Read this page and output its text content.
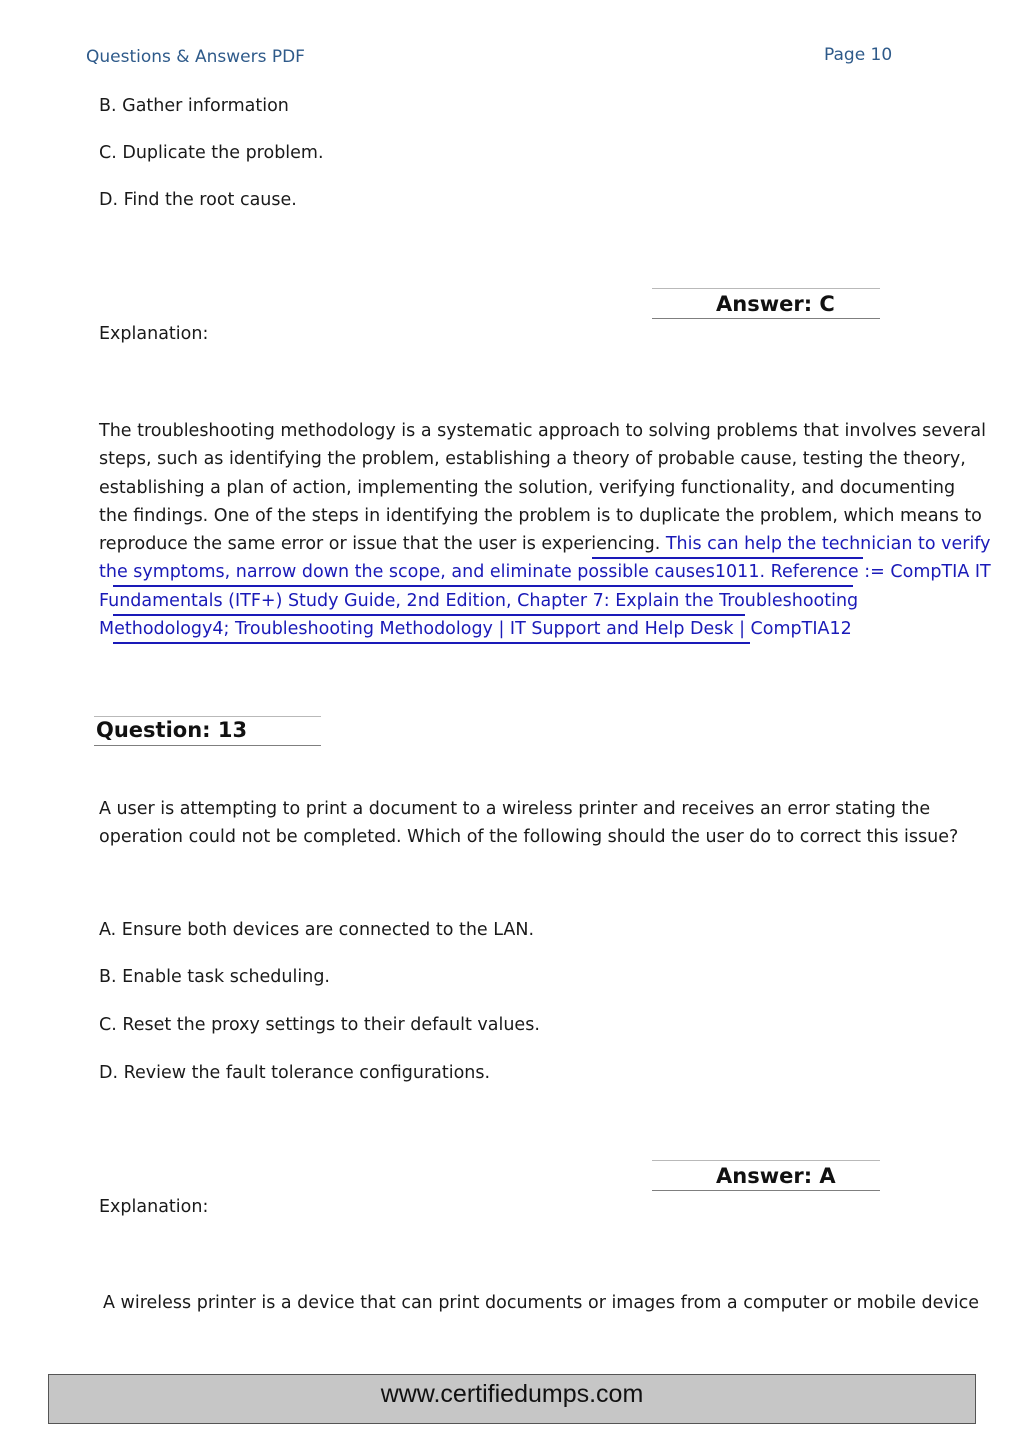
Questions & Answers PDF	Page 10
B. Gather information
C. Duplicate the problem.
D. Find the root cause.
Answer: C
Explanation:
The troubleshooting methodology is a systematic approach to solving problems that involves several
steps, such as identifying the problem, establishing a theory of probable cause, testing the theory,
establishing a plan of action, implementing the solution, verifying functionality, and documenting
the findings. One of the steps in identifying the problem is to duplicate the problem, which means to
reproduce the same error or issue that the user is experiencing. This can help the technician to verify
the symptoms, narrow down the scope, and eliminate possible causes1011. Reference := CompTIA IT
Fundamentals (ITF+) Study Guide, 2nd Edition, Chapter 7: Explain the Troubleshooting
Methodology4; Troubleshooting Methodology | IT Support and Help Desk | CompTIA12
Question: 13
A user is attempting to print a document to a wireless printer and receives an error stating the
operation could not be completed. Which of the following should the user do to correct this issue?
A. Ensure both devices are connected to the LAN.
B. Enable task scheduling.
C. Reset the proxy settings to their default values.
D. Review the fault tolerance configurations.
Answer: A
Explanation:
A wireless printer is a device that can print documents or images from a computer or mobile device
www.certifiedumps.com
